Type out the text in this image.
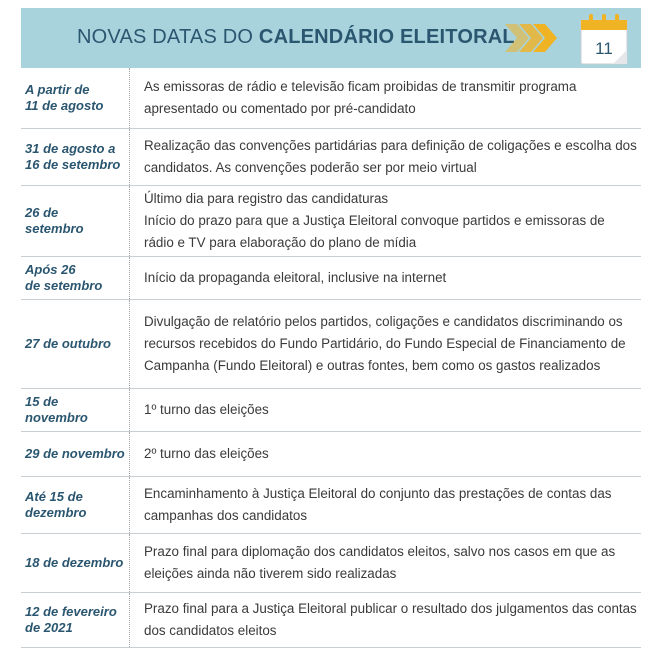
NOVAS DATAS DO CALENDÁRIO ELEITORAL
11
A partir de
11 de agosto
As emissoras de rádio e televisão ficam proibidas de transmitir programa apresentado ou comentado por pré-candidato
31 de agosto a
16 de setembro
Realização das convenções partidárias para definição de coligações e escolha dos candidatos. As convenções poderão ser por meio virtual
26 de
setembro
Último dia para registro das candidaturas
Início do prazo para que a Justiça Eleitoral convoque partidos e emissoras de rádio e TV para elaboração do plano de mídia
Após 26
de setembro
Início da propaganda eleitoral, inclusive na internet
27 de outubro
Divulgação de relatório pelos partidos, coligações e candidatos discriminando os recursos recebidos do Fundo Partidário, do Fundo Especial de Financiamento de Campanha (Fundo Eleitoral) e outras fontes, bem como os gastos realizados
15 de
novembro
1º turno das eleições
29 de novembro	2º turno das eleições
Até 15 de
dezembro
Encaminhamento à Justiça Eleitoral do conjunto das prestações de contas das campanhas dos candidatos
18 de dezembro
Prazo final para diplomação dos candidatos eleitos, salvo nos casos em que as eleições ainda não tiverem sido realizadas
12 de fevereiro
de 2021
Prazo final para a Justiça Eleitoral publicar o resultado dos julgamentos das contas dos candidatos eleitos
